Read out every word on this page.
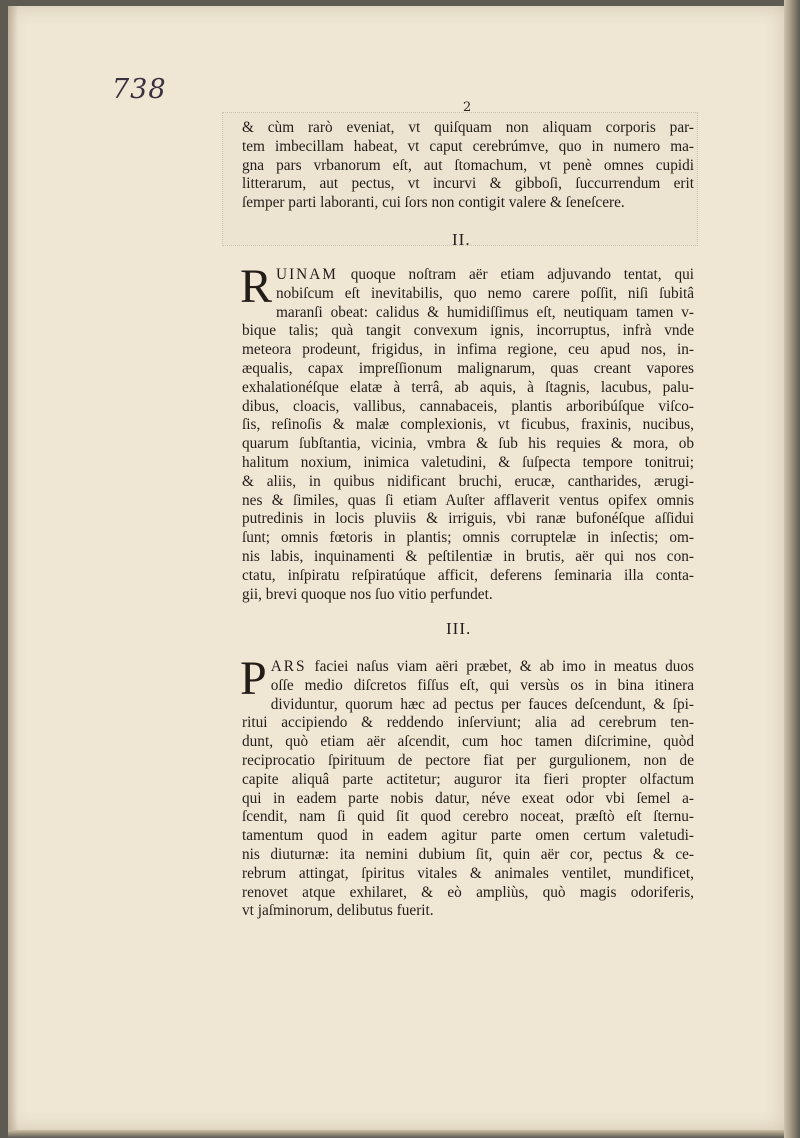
738
2
& cùm rarò eveniat, vt quiſquam non aliquam corporis par-
tem imbecillam habeat, vt caput cerebrúmve, quo in numero ma-
gna pars vrbanorum eſt, aut ſtomachum, vt penè omnes cupidi
litterarum, aut pectus, vt incurvi & gibboſi, ſuccurrendum erit
ſemper parti laboranti, cui ſors non contigit valere & ſeneſcere.
II.
R UINAM quoque noſtram aër etiam adjuvando tentat, qui
nobiſcum eſt inevitabilis, quo nemo carere poſſit, niſi ſubitâ
maranſi obeat: calidus & humidiſſimus eſt, neutiquam tamen v-
bique talis; quà tangit convexum ignis, incorruptus, infrà vnde
meteora prodeunt, frigidus, in infima regione, ceu apud nos, in-
æqualis, capax impreſſionum malignarum, quas creant vapores
exhalationéſque elatæ à terrâ, ab aquis, à ſtagnis, lacubus, palu-
dibus, cloacis, vallibus, cannabaceis, plantis arboribúſque viſco-
ſis, reſinoſis & malæ complexionis, vt ficubus, fraxinis, nucibus,
quarum ſubſtantia, vicinia, vmbra & ſub his requies & mora, ob
halitum noxium, inimica valetudini, & ſuſpecta tempore tonitrui;
& aliis, in quibus nidificant bruchi, erucæ, cantharides, ærugi-
nes & ſimiles, quas ſi etiam Auſter afflaverit ventus opifex omnis
putredinis in locis pluviis & irriguis, vbi ranæ bufonéſque aſſidui
ſunt; omnis fœtoris in plantis; omnis corruptelæ in inſectis; om-
nis labis, inquinamenti & peſtilentiæ in brutis, aër qui nos con-
ctatu, inſpiratu reſpiratúque afficit, deferens ſeminaria illa conta-
gii, brevi quoque nos ſuo vitio perfundet.
III.
P ARS faciei naſus viam aëri præbet, & ab imo in meatus duos
oſſe medio diſcretos fiſſus eſt, qui versùs os in bina itinera
dividuntur, quorum hæc ad pectus per fauces deſcendunt, & ſpi-
ritui accipiendo & reddendo inſerviunt; alia ad cerebrum ten-
dunt, quò etiam aër aſcendit, cum hoc tamen diſcrimine, quòd
reciprocatio ſpirituum de pectore fiat per gurgulionem, non de
capite aliquâ parte actitetur; auguror ita fieri propter olfactum
qui in eadem parte nobis datur, néve exeat odor vbi ſemel a-
ſcendit, nam ſi quid ſit quod cerebro noceat, præſtò eſt ſternu-
tamentum quod in eadem agitur parte omen certum valetudi-
nis diuturnæ: ita nemini dubium ſit, quin aër cor, pectus & ce-
rebrum attingat, ſpiritus vitales & animales ventilet, mundificet,
renovet atque exhilaret, & eò ampliùs, quò magis odoriferis,
vt jaſminorum, delibutus fuerit.
